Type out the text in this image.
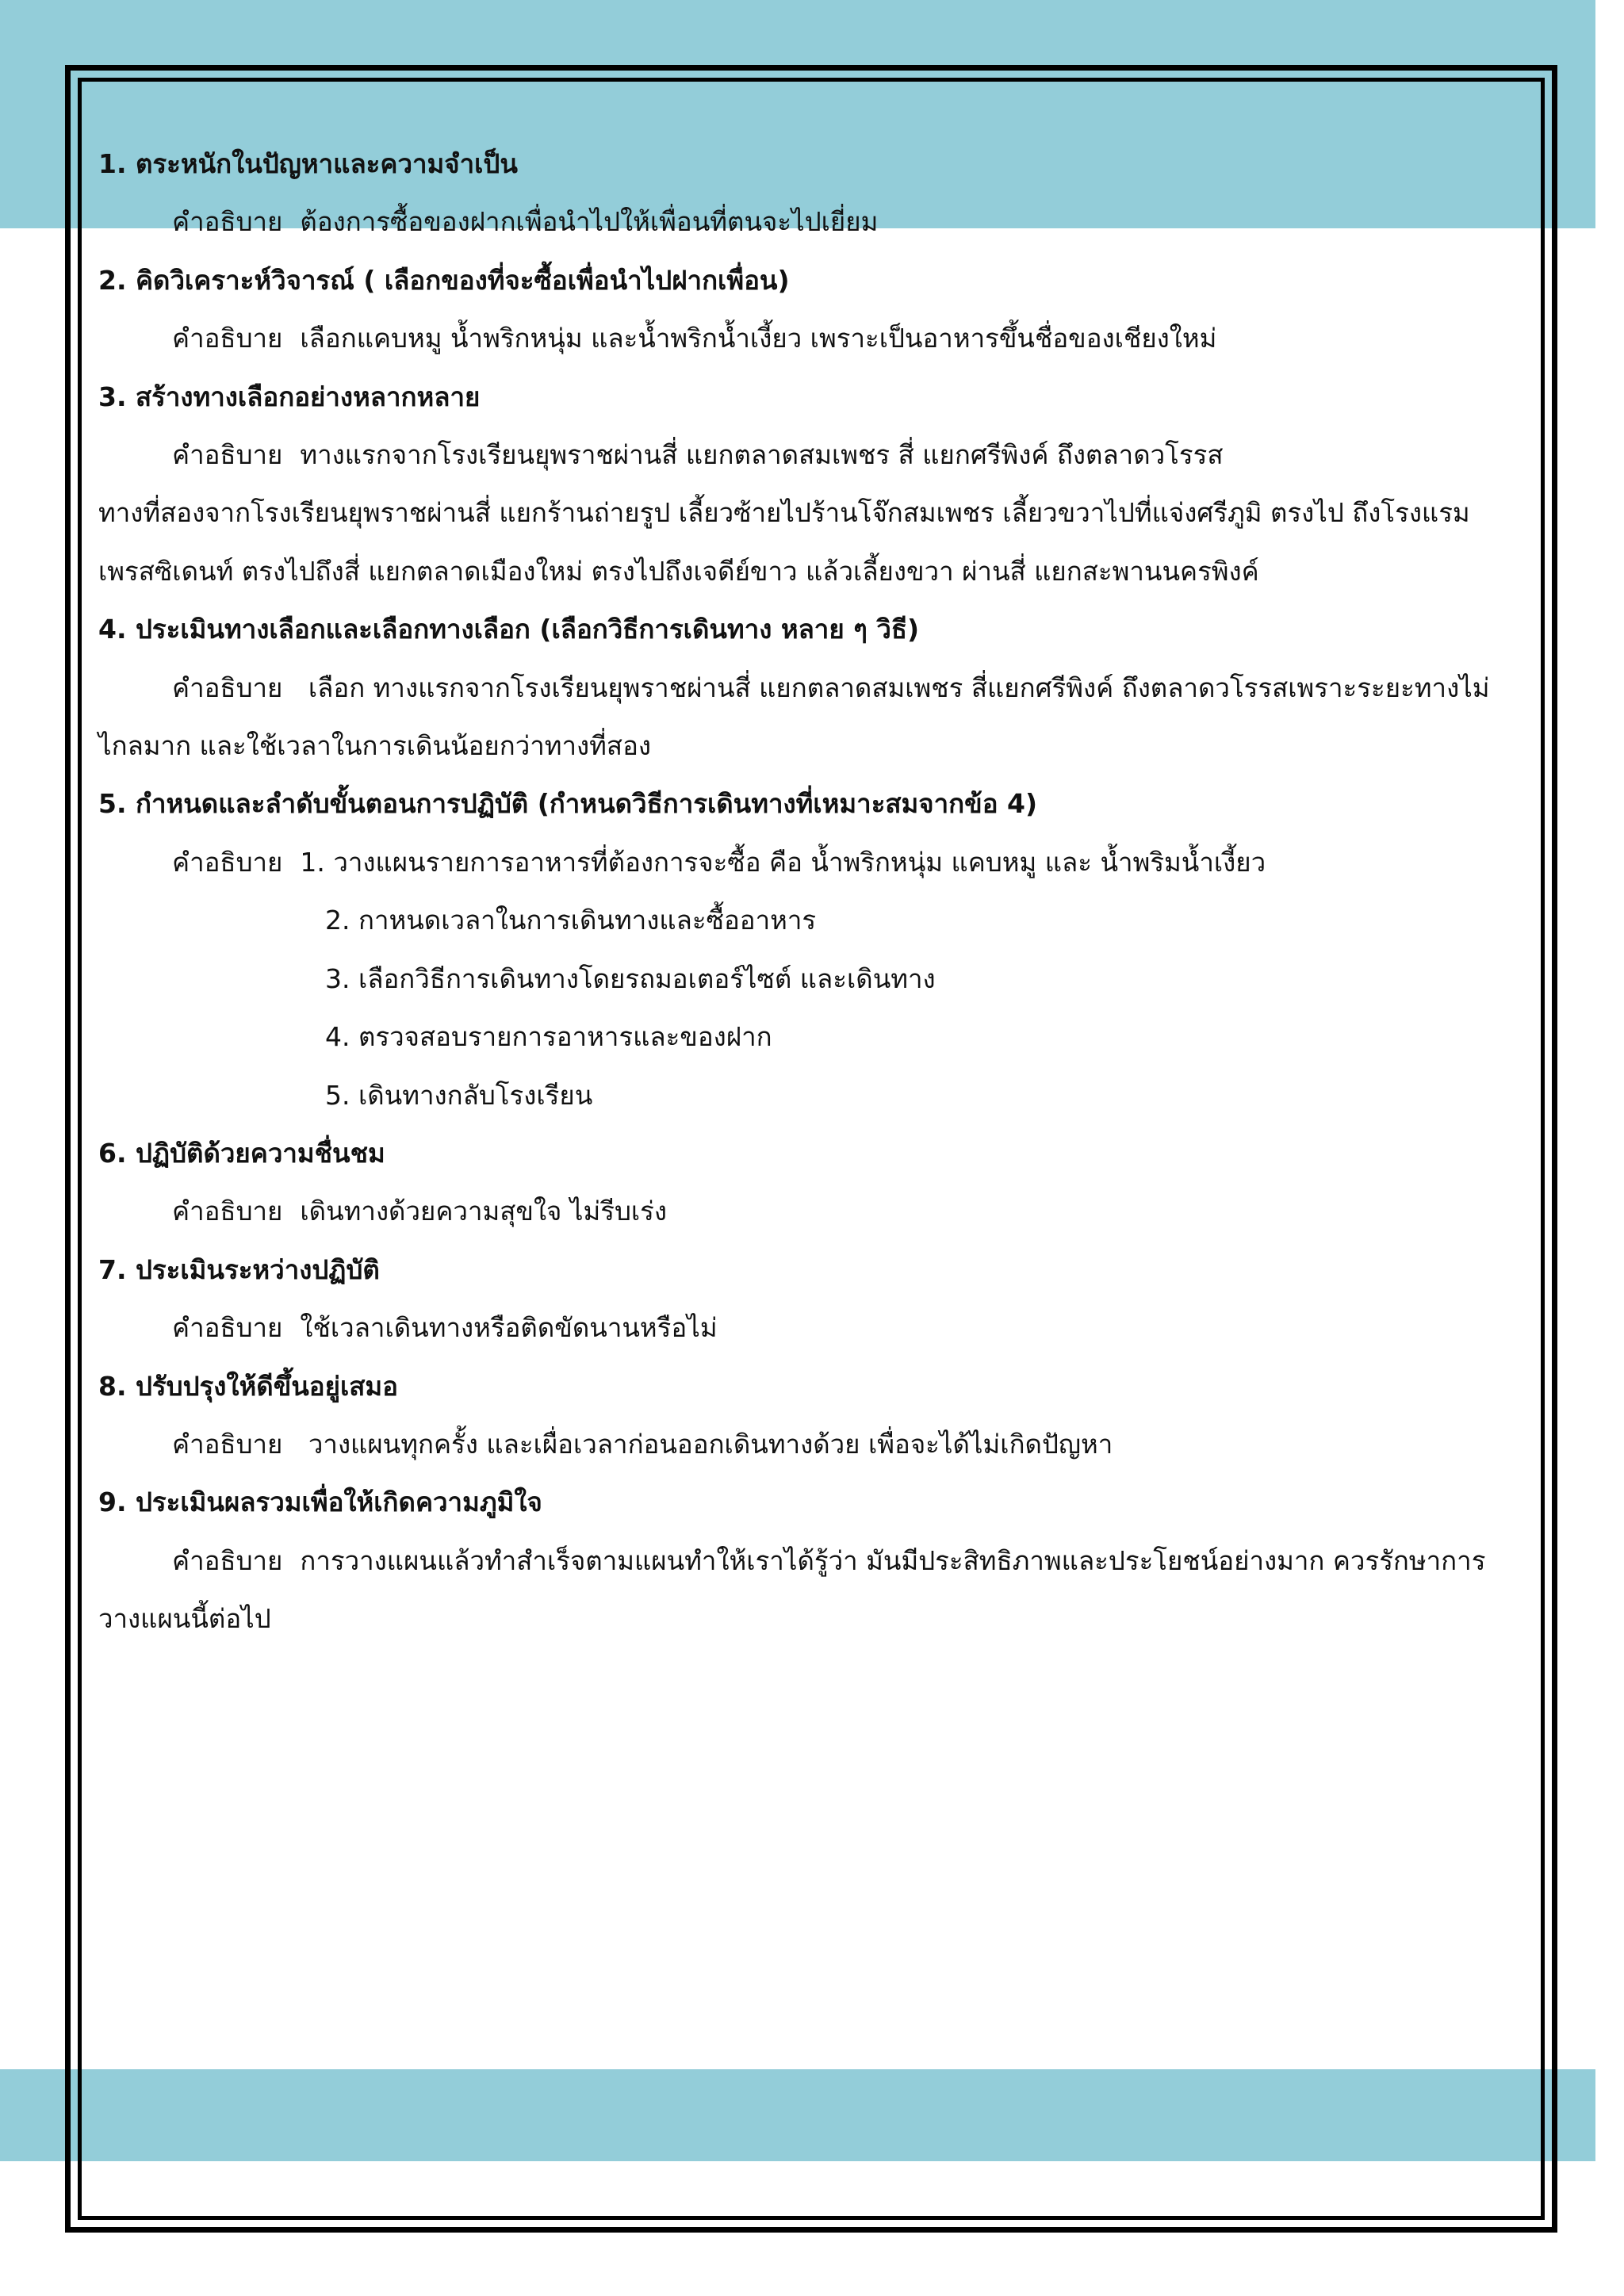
1. ตระหนักในปัญหาและความจำเป็น

คำอธิบาย ต้องการซื้อของฝากเพื่อนำไปให้เพื่อนที่ตนจะไปเยี่ยม

2. คิดวิเคราะห์วิจารณ์ ( เลือกของที่จะซื้อเพื่อนำไปฝากเพื่อน)

คำอธิบาย เลือกแคบหมู น้ำพริกหนุ่ม และน้ำพริกน้ำเงี้ยว เพราะเป็นอาหารขึ้นชื่อของเชียงใหม่

3. สร้างทางเลือกอย่างหลากหลาย

คำอธิบาย ทางแรกจากโรงเรียนยุพราชผ่านสี่ แยกตลาดสมเพชร สี่ แยกศรีพิงค์ ถึงตลาดวโรรส

ทางที่สองจากโรงเรียนยุพราชผ่านสี่ แยกร้านถ่ายรูป เลี้ยวซ้ายไปร้านโจ๊กสมเพชร เลี้ยวขวาไปที่แจ่งศรีภูมิ ตรงไป ถึงโรงแรม

เพรสซิเดนท์ ตรงไปถึงสี่ แยกตลาดเมืองใหม่ ตรงไปถึงเจดีย์ขาว แล้วเลี้ยงขวา ผ่านสี่ แยกสะพานนครพิงค์

4. ประเมินทางเลือกและเลือกทางเลือก (เลือกวิธีการเดินทาง หลาย ๆ วิธี)

คำอธิบาย เลือก ทางแรกจากโรงเรียนยุพราชผ่านสี่ แยกตลาดสมเพชร สี่แยกศรีพิงค์ ถึงตลาดวโรรสเพราะระยะทางไม่

ไกลมาก และใช้เวลาในการเดินน้อยกว่าทางที่สอง

5. กำหนดและลำดับขั้นตอนการปฏิบัติ (กำหนดวิธีการเดินทางที่เหมาะสมจากข้อ 4)

คำอธิบาย 1. วางแผนรายการอาหารที่ต้องการจะซื้อ คือ น้ำพริกหนุ่ม แคบหมู และ น้ำพริมน้ำเงี้ยว

2. กาหนดเวลาในการเดินทางและซื้ออาหาร

3. เลือกวิธีการเดินทางโดยรถมอเตอร์ไซต์ และเดินทาง

4. ตรวจสอบรายการอาหารและของฝาก

5. เดินทางกลับโรงเรียน

6. ปฏิบัติด้วยความชื่นชม

คำอธิบาย เดินทางด้วยความสุขใจ ไม่รีบเร่ง

7. ประเมินระหว่างปฏิบัติ

คำอธิบาย ใช้เวลาเดินทางหรือติดขัดนานหรือไม่

8. ปรับปรุงให้ดีขึ้นอยู่เสมอ

คำอธิบาย วางแผนทุกครั้ง และเผื่อเวลาก่อนออกเดินทางด้วย เพื่อจะได้ไม่เกิดปัญหา

9. ประเมินผลรวมเพื่อให้เกิดความภูมิใจ

คำอธิบาย การวางแผนแล้วทำสำเร็จตามแผนทำให้เราได้รู้ว่า มันมีประสิทธิภาพและประโยชน์อย่างมาก ควรรักษาการ

วางแผนนี้ต่อไป
